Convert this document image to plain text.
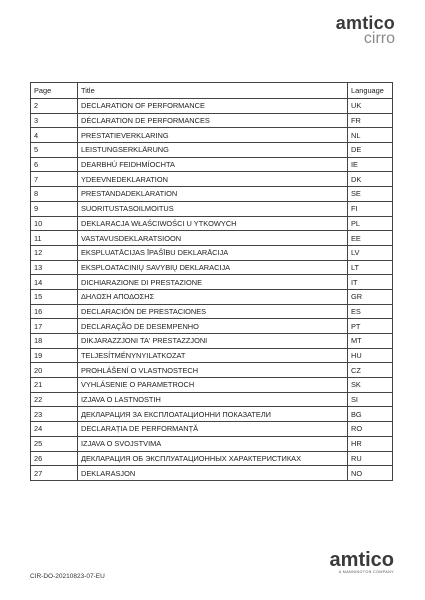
amtico
cirro
Page	Title	Language
2	DECLARATION OF PERFORMANCE	UK
3	DÉCLARATION DE PERFORMANCES	FR
4	PRESTATIEVERKLARING	NL
5	LEISTUNGSERKLÄRUNG	DE
6	DEARBHÚ FEIDHMÍOCHTA	IE
7	YDEEVNEDEKLARATION	DK
8	PRESTANDADEKLARATION	SE
9	SUORITUSTASOILMOITUS	FI
10	DEKLARACJA WŁAŚCIWOŚCI U YTKOWYCH	PL
11	VASTAVUSDEKLARATSIOON	EE
12	EKSPLUATĀCIJAS ĪPAŠĪBU DEKLARĀCIJA	LV
13	EKSPLOATACINIŲ SAVYBIŲ DEKLARACIJA	LT
14	DICHIARAZIONE DI PRESTAZIONE	IT
15	ΔΗΛΩΣΗ ΑΠΟΔΟΣΗΣ	GR
16	DECLARACIÓN DE PRESTACIONES	ES
17	DECLARAÇÃO DE DESEMPENHO	PT
18	DIKJARAZZJONI TA' PRESTAZZJONI	MT
19	TELJESÍTMÉNYNYILATKOZAT	HU
20	PROHLÁŠENÍ O VLASTNOSTECH	CZ
21	VYHLÁSENIE O PARAMETROCH	SK
22	IZJAVA O LASTNOSTIH	SI
23	ДЕКЛАРАЦИЯ ЗА ЕКСПЛОАТАЦИОННИ ПОКАЗАТЕЛИ	BG
24	DECLARAȚIA DE PERFORMANȚĂ	RO
25	IZJAVA O SVOJSTVIMA	HR
26	ДЕКЛАРАЦИЯ ОБ ЭКСПЛУАТАЦИОННЫХ ХАРАКТЕРИСТИКАХ	RU
27	DEKLARASJON	NO
CIR-DO-20210823-07-EU
amtico
A MANNINGTON COMPANY
